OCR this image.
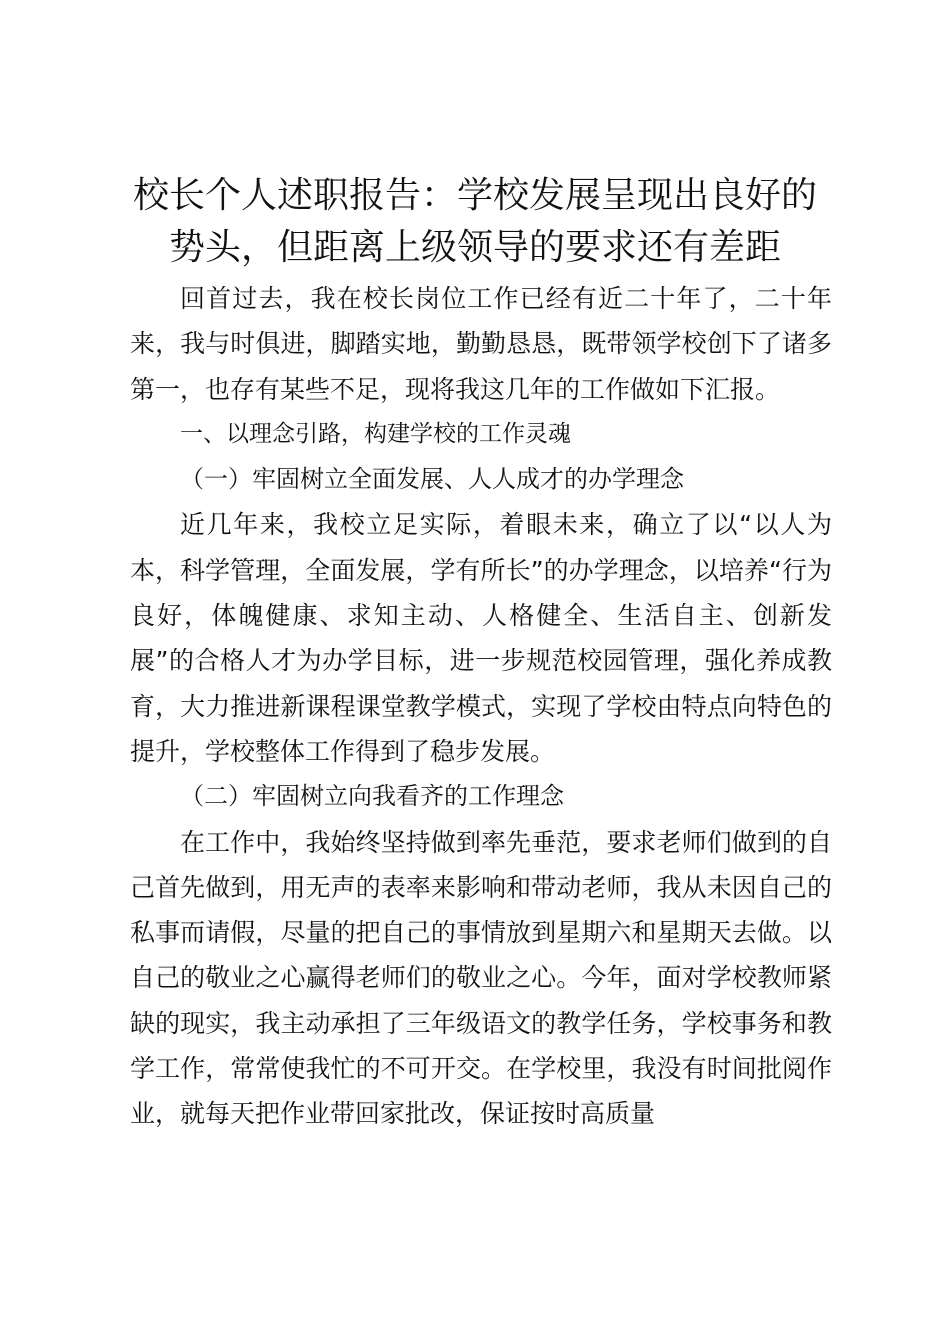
校长个人述职报告：学校发展呈现出良好的势头，但距离上级领导的要求还有差距

回首过去，我在校长岗位工作已经有近二十年了，二十年来，我与时俱进，脚踏实地，勤勤恳恳，既带领学校创下了诸多第一，也存有某些不足，现将我这几年的工作做如下汇报。

一、以理念引路，构建学校的工作灵魂

（一）牢固树立全面发展、人人成才的办学理念

近几年来，我校立足实际，着眼未来，确立了以“以人为本，科学管理，全面发展，学有所长”的办学理念，以培养“行为良好，体魄健康、求知主动、人格健全、生活自主、创新发展”的合格人才为办学目标，进一步规范校园管理，强化养成教育，大力推进新课程课堂教学模式，实现了学校由特点向特色的提升，学校整体工作得到了稳步发展。

（二）牢固树立向我看齐的工作理念

在工作中，我始终坚持做到率先垂范，要求老师们做到的自己首先做到，用无声的表率来影响和带动老师，我从未因自己的私事而请假，尽量的把自己的事情放到星期六和星期天去做。以自己的敬业之心赢得老师们的敬业之心。今年，面对学校教师紧缺的现实，我主动承担了三年级语文的教学任务，学校事务和教学工作，常常使我忙的不可开交。在学校里，我没有时间批阅作业，就每天把作业带回家批改，保证按时高质量
